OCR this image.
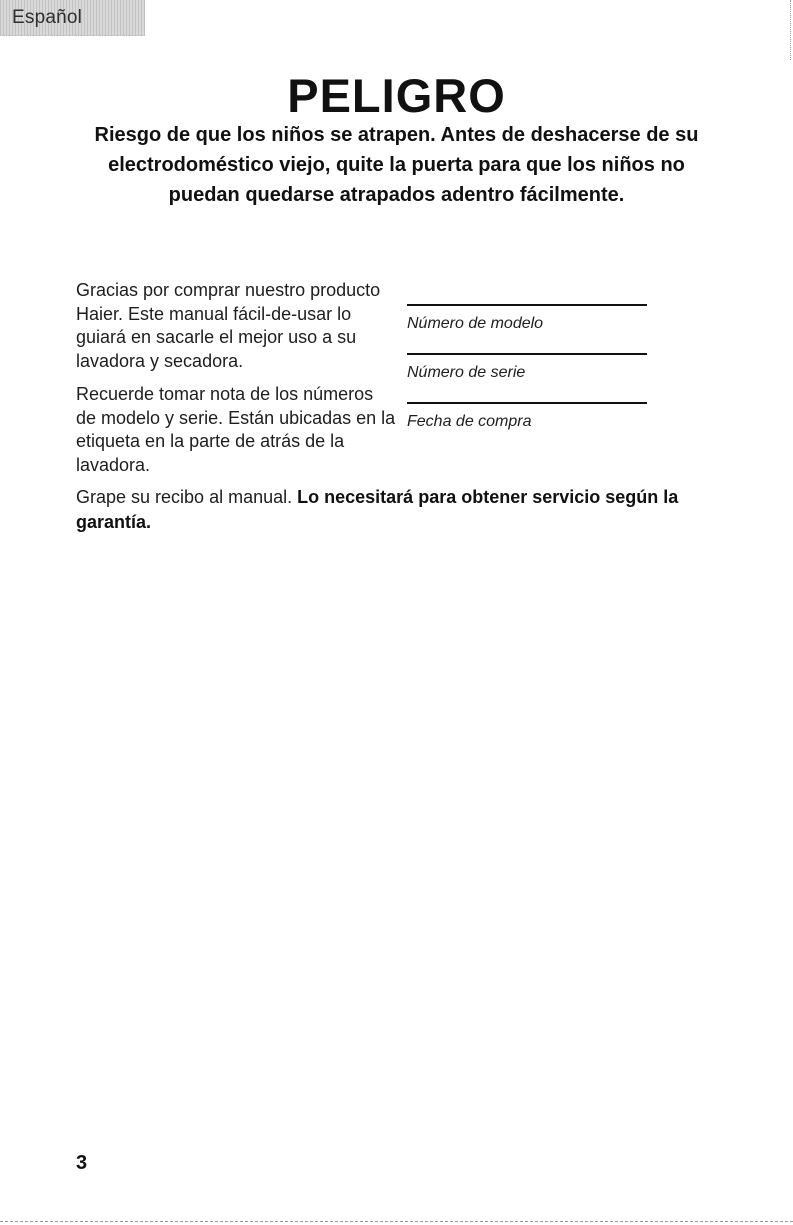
Español
PELIGRO
Riesgo de que los niños se atrapen. Antes de deshacerse de su electrodoméstico viejo, quite la puerta para que los niños no puedan quedarse atrapados adentro fácilmente.

Gracias por comprar nuestro producto Haier. Este manual fácil-de-usar lo guiará en sacarle el mejor uso a su lavadora y secadora.

Recuerde tomar nota de los números de modelo y serie. Están ubicadas en la etiqueta en la parte de atrás de la lavadora.

Número de modelo
Número de serie
Fecha de compra
Grape su recibo al manual. Lo necesitará para obtener servicio según la garantía.
3
